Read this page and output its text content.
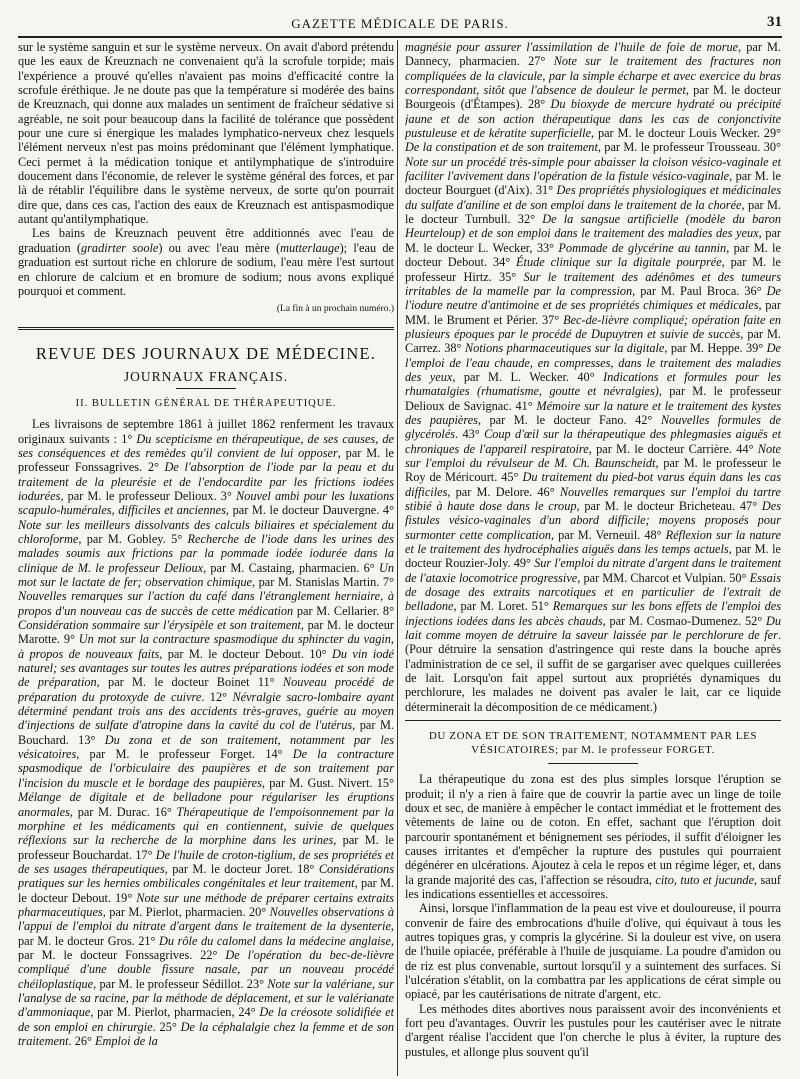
GAZETTE MÉDICALE DE PARIS.	31

sur le système sanguin et sur le système nerveux. On avait d'abord prétendu que les eaux de Kreuznach ne convenaient qu'à la scrofule torpide; mais l'expérience a prouvé qu'elles n'avaient pas moins d'efficacité contre la scrofule éréthique. Je ne doute pas que la température si modérée des bains de Kreuznach, qui donne aux malades un sentiment de fraîcheur sédative si agréable, ne soit pour beaucoup dans la facilité de tolérance que possèdent pour une cure si énergique les malades lymphatico-nerveux chez lesquels l'élément nerveux n'est pas moins prédominant que l'élément lymphatique. Ceci permet à la médication tonique et antilymphatique de s'introduire doucement dans l'économie, de relever le système général des forces, et par là de rétablir l'équilibre dans le système nerveux, de sorte qu'on pourrait dire que, dans ces cas, l'action des eaux de Kreuznach est antispasmodique autant qu'antilymphatique.

Les bains de Kreuznach peuvent être additionnés avec l'eau de graduation (gradirter soole) ou avec l'eau mère (mutterlauge); l'eau de graduation est surtout riche en chlorure de sodium, l'eau mère l'est surtout en chlorure de calcium et en bromure de sodium; nous avons expliqué pourquoi et comment.

(La fin à un prochain numéro.)
REVUE DES JOURNAUX DE MÉDECINE.
JOURNAUX FRANÇAIS.
II. BULLETIN GÉNÉRAL DE THÉRAPEUTIQUE.

Les livraisons de septembre 1861 à juillet 1862 renferment les travaux originaux suivants : 1° Du scepticisme en thérapeutique, de ses causes, de ses conséquences et des remèdes qu'il convient de lui opposer, par M. le professeur Fonssagrives. 2° De l'absorption de l'iode par la peau et du traitement de la pleurésie et de l'endocardite par les frictions iodées iodurées, par M. le professeur Delioux. 3° Nouvel ambi pour les luxations scapulo-humérales, difficiles et anciennes, par M. le docteur Dauvergne. 4° Note sur les meilleurs dissolvants des calculs biliaires et spécialement du chloroforme, par M. Gobley. 5° Recherche de l'iode dans les urines des malades soumis aux frictions par la pommade iodée iodurée dans la clinique de M. le professeur Delioux, par M. Castaing, pharmacien. 6° Un mot sur le lactate de fer; observation chimique, par M. Stanislas Martin. 7° Nouvelles remarques sur l'action du café dans l'étranglement herniaire, à propos d'un nouveau cas de succès de cette médication par M. Cellarier. 8° Considération sommaire sur l'érysipèle et son traitement, par M. le docteur Marotte. 9° Un mot sur la contracture spasmodique du sphincter du vagin, à propos de nouveaux faits, par M. le docteur Debout. 10° Du vin iodé naturel; ses avantages sur toutes les autres préparations iodées et son mode de préparation, par M. le docteur Boinet 11° Nouveau procédé de préparation du protoxyde de cuivre. 12° Névralgie sacro-lombaire ayant déterminé pendant trois ans des accidents très-graves, guérie au moyen d'injections de sulfate d'atropine dans la cavité du col de l'utérus, par M. Bouchard. 13° Du zona et de son traitement, notamment par les vésicatoires, par M. le professeur Forget. 14° De la contracture spasmodique de l'orbiculaire des paupières et de son traitement par l'incision du muscle et le bordage des paupières, par M. Gust. Nivert. 15° Mélange de digitale et de belladone pour régulariser les éruptions anormales, par M. Durac. 16° Thérapeutique de l'empoisonnement par la morphine et les médicaments qui en contiennent, suivie de quelques réflexions sur la recherche de la morphine dans les urines, par M. le professeur Bouchardat. 17° De l'huile de croton-tiglium, de ses propriétés et de ses usages thérapeutiques, par M. le docteur Joret. 18° Considérations pratiques sur les hernies ombilicales congénitales et leur traitement, par M. le docteur Debout. 19° Note sur une méthode de préparer certains extraits pharmaceutiques, par M. Pierlot, pharmacien. 20° Nouvelles observations à l'appui de l'emploi du nitrate d'argent dans le traitement de la dysenterie, par M. le docteur Gros. 21° Du rôle du calomel dans la médecine anglaise, par M. le docteur Fonssagrives. 22° De l'opération du bec-de-lièvre compliqué d'une double fissure nasale, par un nouveau procédé chéiloplastique, par M. le professeur Sédillot. 23° Note sur la valériane, sur l'analyse de sa racine, par la méthode de déplacement, et sur le valérianate d'ammoniaque, par M. Pierlot, pharmacien, 24° De la créosote solidifiée et de son emploi en chirurgie. 25° De la céphalalgie chez la femme et de son traitement. 26° Emploi de la

magnésie pour assurer l'assimilation de l'huile de foie de morue, par M. Dannecy, pharmacien. 27° Note sur le traitement des fractures non compliquées de la clavicule, par la simple écharpe et avec exercice du bras correspondant, sitôt que l'absence de douleur le permet, par M. le docteur Bourgeois (d'Étampes). 28° Du bioxyde de mercure hydraté ou précipité jaune et de son action thérapeutique dans les cas de conjonctivite pustuleuse et de kératite superficielle, par M. le docteur Louis Wecker. 29° De la constipation et de son traitement, par M. le professeur Trousseau. 30° Note sur un procédé très-simple pour abaisser la cloison vésico-vaginale et faciliter l'avivement dans l'opération de la fistule vésico-vaginale, par M. le docteur Bourguet (d'Aix). 31° Des propriétés physiologiques et médicinales du sulfate d'aniline et de son emploi dans le traitement de la chorée, par M. le docteur Turnbull. 32° De la sangsue artificielle (modèle du baron Heurteloup) et de son emploi dans le traitement des maladies des yeux, par M. le docteur L. Wecker, 33° Pommade de glycérine au tannin, par M. le docteur Debout. 34° Étude clinique sur la digitale pourprée, par M. le professeur Hirtz. 35° Sur le traitement des adénômes et des tumeurs irritables de la mamelle par la compression, par M. Paul Broca. 36° De l'iodure neutre d'antimoine et de ses propriétés chimiques et médicales, par MM. le Brument et Périer. 37° Bec-de-lièvre compliqué; opération faite en plusieurs époques par le procédé de Dupuytren et suivie de succès, par M. Carrez. 38° Notions pharmaceutiques sur la digitale, par M. Heppe. 39° De l'emploi de l'eau chaude, en compresses, dans le traitement des maladies des yeux, par M. L. Wecker. 40° Indications et formules pour les rhumatalgies (rhumatisme, goutte et névralgies), par M. le professeur Delioux de Savignac. 41° Mémoire sur la nature et le traitement des kystes des paupières, par M. le docteur Fano. 42° Nouvelles formules de glycérolés. 43° Coup d'œil sur la thérapeutique des phlegmasies aiguës et chroniques de l'appareil respiratoire, par M. le docteur Carrière. 44° Note sur l'emploi du révulseur de M. Ch. Baunscheidt, par M. le professeur le Roy de Méricourt. 45° Du traitement du pied-bot varus équin dans les cas difficiles, par M. Delore. 46° Nouvelles remarques sur l'emploi du tartre stibié à haute dose dans le croup, par M. le docteur Bricheteau. 47° Des fistules vésico-vaginales d'un abord difficile; moyens proposés pour surmonter cette complication, par M. Verneuil. 48° Réflexion sur la nature et le traitement des hydrocéphalies aiguës dans les temps actuels, par M. le docteur Rouzier-Joly. 49° Sur l'emploi du nitrate d'argent dans le traitement de l'ataxie locomotrice progressive, par MM. Charcot et Vulpian. 50° Essais de dosage des extraits narcotiques et en particulier de l'extrait de belladone, par M. Loret. 51° Remarques sur les bons effets de l'emploi des injections iodées dans les abcès chauds, par M. Cosmao-Dumenez. 52° Du lait comme moyen de détruire la saveur laissée par le perchlorure de fer. (Pour détruire la sensation d'astringence qui reste dans la bouche après l'administration de ce sel, il suffit de se gargariser avec quelques cuillerées de lait. Lorsqu'on fait appel surtout aux propriétés dynamiques du perchlorure, les malades ne doivent pas avaler le lait, car ce liquide déterminerait la décomposition de ce médicament.)

DU ZONA ET DE SON TRAITEMENT, NOTAMMENT PAR LES VÉSICATOIRES; par M. le professeur FORGET.

La thérapeutique du zona est des plus simples lorsque l'éruption se produit; il n'y a rien à faire que de couvrir la partie avec un linge de toile doux et sec, de manière à empêcher le contact immédiat et le frottement des vêtements de laine ou de coton. En effet, sachant que l'éruption doit parcourir spontanément et bénignement ses périodes, il suffit d'éloigner les causes irritantes et d'empêcher la rupture des pustules qui pourraient dégénérer en ulcérations. Ajoutez à cela le repos et un régime léger, et, dans la grande majorité des cas, l'affection se résoudra, cito, tuto et jucunde, sauf les indications essentielles et accessoires.

Ainsi, lorsque l'inflammation de la peau est vive et douloureuse, il pourra convenir de faire des embrocations d'huile d'olive, qui équivaut à tous les autres topiques gras, y compris la glycérine. Si la douleur est vive, on usera de l'huile opiacée, préférable à l'huile de jusquiame. La poudre d'amidon ou de riz est plus convenable, surtout lorsqu'il y a suintement des surfaces. Si l'ulcération s'établit, on la combattra par les applications de cérat simple ou opiacé, par les cautérisations de nitrate d'argent, etc.

Les méthodes dites abortives nous paraissent avoir des inconvénients et fort peu d'avantages. Ouvrir les pustules pour les cautériser avec le nitrate d'argent réalise l'accident que l'on cherche le plus à éviter, la rupture des pustules, et allonge plus souvent qu'il
